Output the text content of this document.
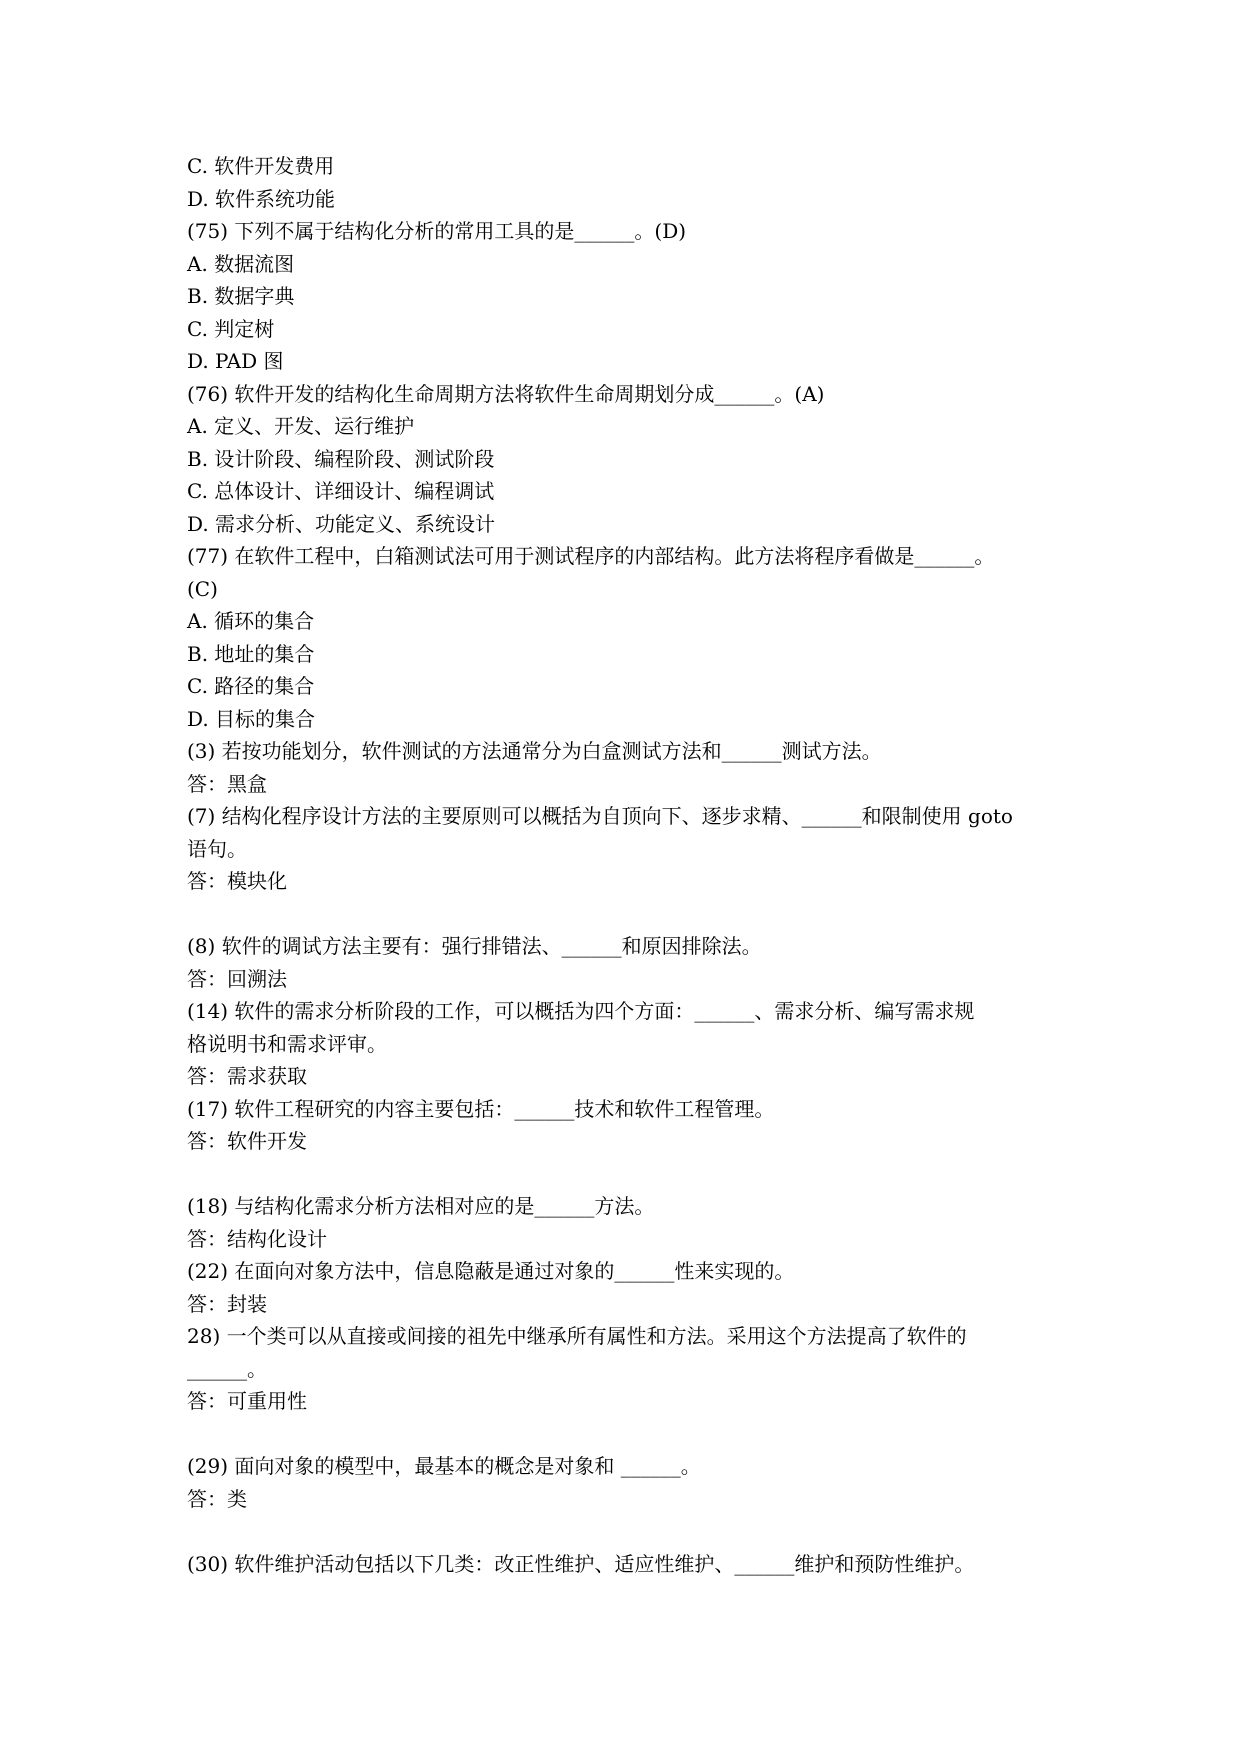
C. 软件开发费用
D. 软件系统功能
(75) 下列不属于结构化分析的常用工具的是______。(D)
A. 数据流图
B. 数据字典
C. 判定树
D. PAD 图
(76) 软件开发的结构化生命周期方法将软件生命周期划分成______。(A)
A. 定义、开发、运行维护
B. 设计阶段、编程阶段、测试阶段
C. 总体设计、详细设计、编程调试
D. 需求分析、功能定义、系统设计
(77) 在软件工程中，白箱测试法可用于测试程序的内部结构。此方法将程序看做是______。
(C)
A. 循环的集合
B. 地址的集合
C. 路径的集合
D. 目标的集合
(3) 若按功能划分，软件测试的方法通常分为白盒测试方法和______测试方法。
答：黑盒
(7) 结构化程序设计方法的主要原则可以概括为自顶向下、逐步求精、______和限制使用 goto
语句。
答：模块化
(8) 软件的调试方法主要有：强行排错法、______和原因排除法。
答：回溯法
(14) 软件的需求分析阶段的工作，可以概括为四个方面：______、需求分析、编写需求规
格说明书和需求评审。
答：需求获取
(17) 软件工程研究的内容主要包括：______技术和软件工程管理。
答：软件开发
(18) 与结构化需求分析方法相对应的是______方法。
答：结构化设计
(22) 在面向对象方法中，信息隐蔽是通过对象的______性来实现的。
答：封装
28) 一个类可以从直接或间接的祖先中继承所有属性和方法。采用这个方法提高了软件的
______。
答：可重用性
(29) 面向对象的模型中，最基本的概念是对象和 ______。
答：类
(30) 软件维护活动包括以下几类：改正性维护、适应性维护、______维护和预防性维护。
